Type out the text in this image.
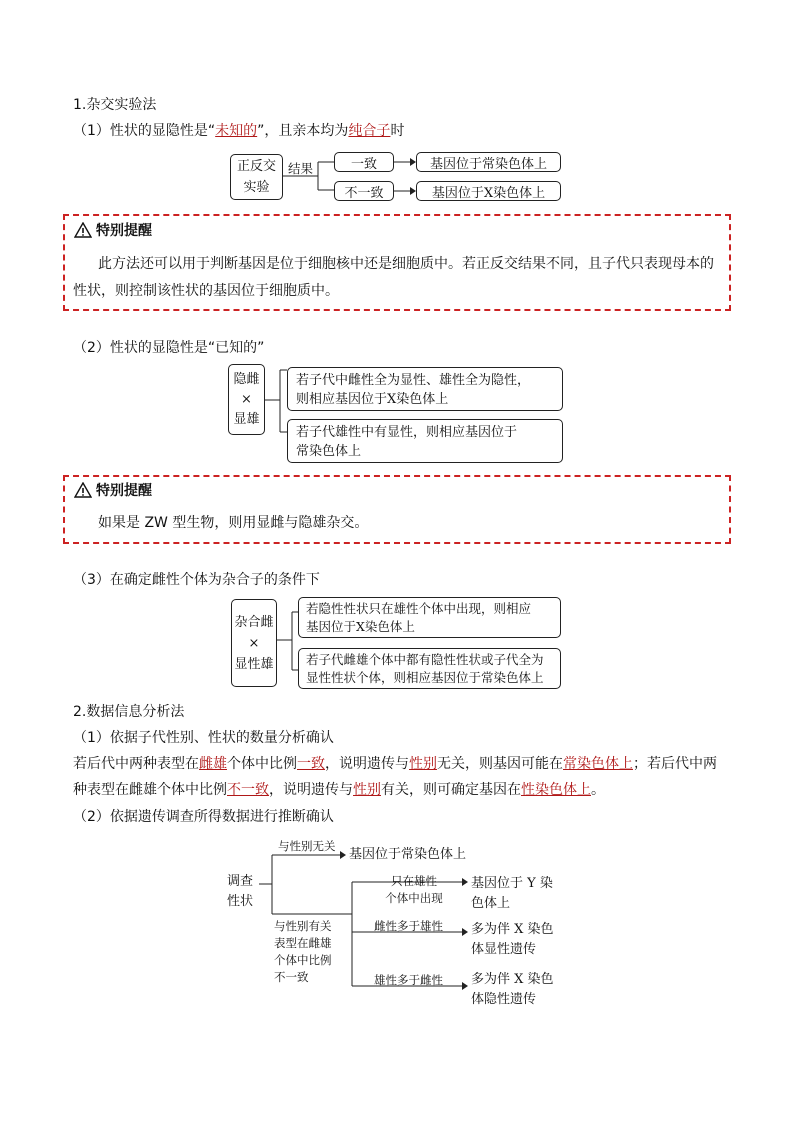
1.杂交实验法
（1）性状的显隐性是“未知的”，且亲本均为纯合子时
正反交
实验
结果	一致
不一致
基因位于常染色体上
基因位于X染色体上
特别提醒
此方法还可以用于判断基因是位于细胞核中还是细胞质中。若正反交结果不同，且子代只表现母本的
性状，则控制该性状的基因位于细胞质中。
（2）性状的显隐性是“已知的”
隐雌
×
显雄
若子代中雌性全为显性、雄性全为隐性，
则相应基因位于X染色体上
若子代雄性中有显性，则相应基因位于
常染色体上
特别提醒
如果是 ZW 型生物，则用显雌与隐雄杂交。
（3）在确定雌性个体为杂合子的条件下
杂合雌
×
显性雄
若隐性性状只在雄性个体中出现，则相应
基因位于X染色体上
若子代雌雄个体中都有隐性性状或子代全为
显性性状个体，则相应基因位于常染色体上
2.数据信息分析法
（1）依据子代性别、性状的数量分析确认
若后代中两种表型在雌雄个体中比例一致，说明遗传与性别无关，则基因可能在常染色体上；若后代中两
种表型在雌雄个体中比例不一致，说明遗传与性别有关，则可确定基因在性染色体上。
（2）依据遗传调查所得数据进行推断确认
调查
性状
与性别无关
基因位于常染色体上
与性别有关
表型在雌雄
个体中比例
不一致
只在雄性
个体中出现
雌性多于雄性
雄性多于雌性
基因位于 Y 染
色体上
多为伴 X 染色
体显性遗传
多为伴 X 染色
体隐性遗传
